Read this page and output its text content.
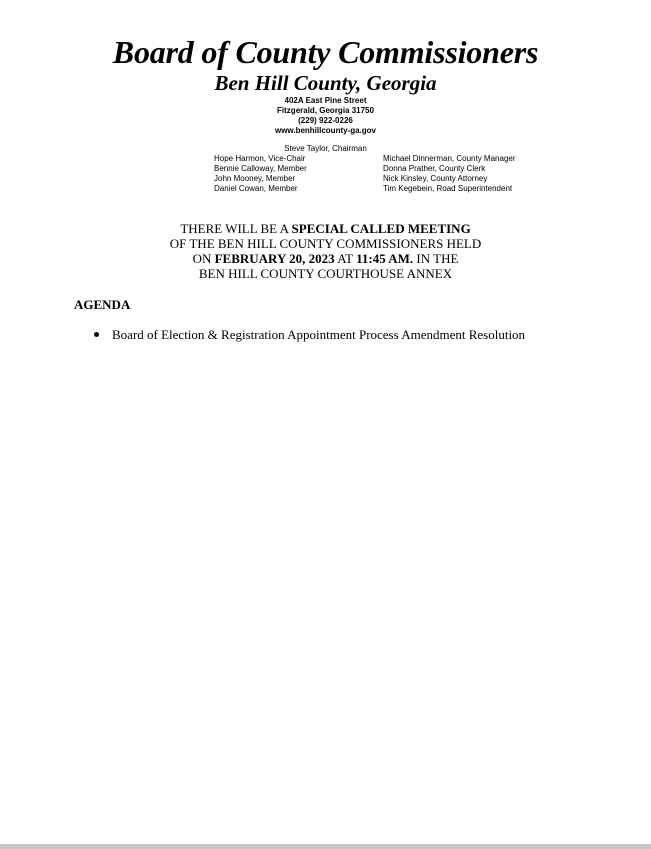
Board of County Commissioners
Ben Hill County, Georgia
402A East Pine Street
Fitzgerald, Georgia 31750
(229) 922-0226
www.benhillcounty-ga.gov
Steve Taylor, Chairman
Hope Harmon, Vice-Chair
Bennie Calloway, Member
John Mooney, Member
Daniel Cowan, Member
Michael Dinnerman, County Manager
Donna Prather, County Clerk
Nick Kinsley, County Attorney
Tim Kegebein, Road Superintendent
THERE WILL BE A SPECIAL CALLED MEETING
OF THE BEN HILL COUNTY COMMISSIONERS HELD
ON FEBRUARY 20, 2023 AT 11:45 AM. IN THE
BEN HILL COUNTY COURTHOUSE ANNEX
AGENDA
Board of Election & Registration Appointment Process Amendment Resolution
